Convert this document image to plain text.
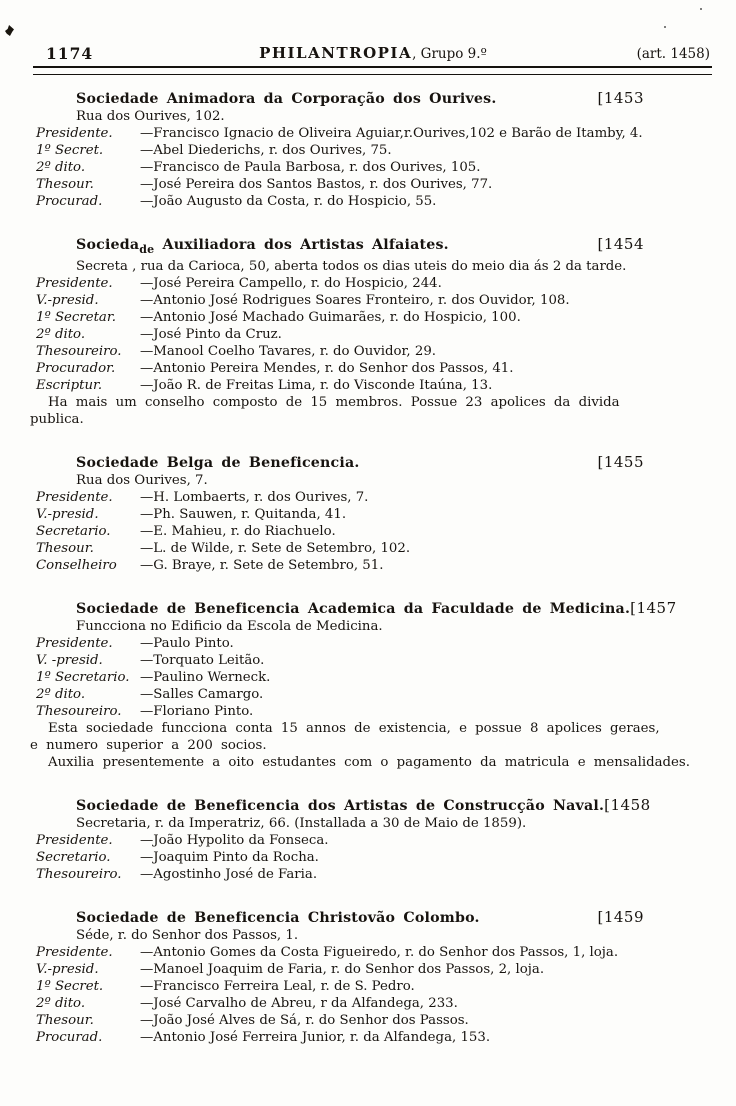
1174	PHILANTROPIA, Grupo 9.º	(art. 1458)
Sociedade Animadora da Corporação dos Ourives.	[1453
Rua dos Ourives, 102.
Presidente.	—Francisco Ignacio de Oliveira Aguiar,r.Ourives,102 e Barão de Itamby, 4.
1º Secret.	—Abel Diederichs, r. dos Ourives, 75.
2º dito.	—Francisco de Paula Barbosa, r. dos Ourives, 105.
Thesour.	—José Pereira dos Santos Bastos, r. dos Ourives, 77.
Procurad.	—João Augusto da Costa, r. do Hospicio, 55.
Socieda$_{de}$ Auxiliadora dos Artistas Alfaiates.	[1454
Secreta , rua da Carioca, 50, aberta todos os dias uteis do meio dia ás 2 da tarde.
Presidente.	—José Pereira Campello, r. do Hospicio, 244.
V.-presid.	—Antonio José Rodrigues Soares Fronteiro, r. dos Ouvidor, 108.
1º Secretar.	—Antonio José Machado Guimarães, r. do Hospicio, 100.
2º dito.	—José Pinto da Cruz.
Thesoureiro.	—Manool Coelho Tavares, r. do Ouvidor, 29.
Procurador.	—Antonio Pereira Mendes, r. do Senhor dos Passos, 41.
Escriptur.	—João R. de Freitas Lima, r. do Visconde Itaúna, 13.
Ha mais um conselho composto de 15 membros. Possue 23 apolices da divida
publica.
Sociedade Belga de Beneficencia.	[1455
Rua dos Ourives, 7.
Presidente.	—H. Lombaerts, r. dos Ourives, 7.
V.-presid.	—Ph. Sauwen, r. Quitanda, 41.
Secretario.	—E. Mahieu, r. do Riachuelo.
Thesour.	—L. de Wilde, r. Sete de Setembro, 102.
Conselheiro	—G. Braye, r. Sete de Setembro, 51.
Sociedade de Beneficencia Academica da Faculdade de Medicina. [1457
Funcciona no Edificio da Escola de Medicina.
Presidente.	—Paulo Pinto.
V. -presid.	—Torquato Leitão.
1º Secretario. —Paulino Werneck.
2º dito.	—Salles Camargo.
Thesoureiro.	—Floriano Pinto.
Esta sociedade funcciona conta 15 annos de existencia, e possue 8 apolices geraes,
e numero superior a 200 socios.
Auxilia presentemente a oito estudantes com o pagamento da matricula e mensalidades.
Sociedade de Beneficencia dos Artistas de Construcção Naval. [1458
Secretaria, r. da Imperatriz, 66. (Installada a 30 de Maio de 1859).
Presidente.	—João Hypolito da Fonseca.
Secretario.	—Joaquim Pinto da Rocha.
Thesoureiro.	—Agostinho José de Faria.
Sociedade de Beneficencia Christovão Colombo.	[1459
Séde, r. do Senhor dos Passos, 1.
Presidente.	—Antonio Gomes da Costa Figueiredo, r. do Senhor dos Passos, 1, loja.
V.-presid.	—Manoel Joaquim de Faria, r. do Senhor dos Passos, 2, loja.
1º Secret.	—Francisco Ferreira Leal, r. de S. Pedro.
2º dito.	—José Carvalho de Abreu, r da Alfandega, 233.
Thesour.	—João José Alves de Sá, r. do Senhor dos Passos.
Procurad.	—Antonio José Ferreira Junior, r. da Alfandega, 153.
